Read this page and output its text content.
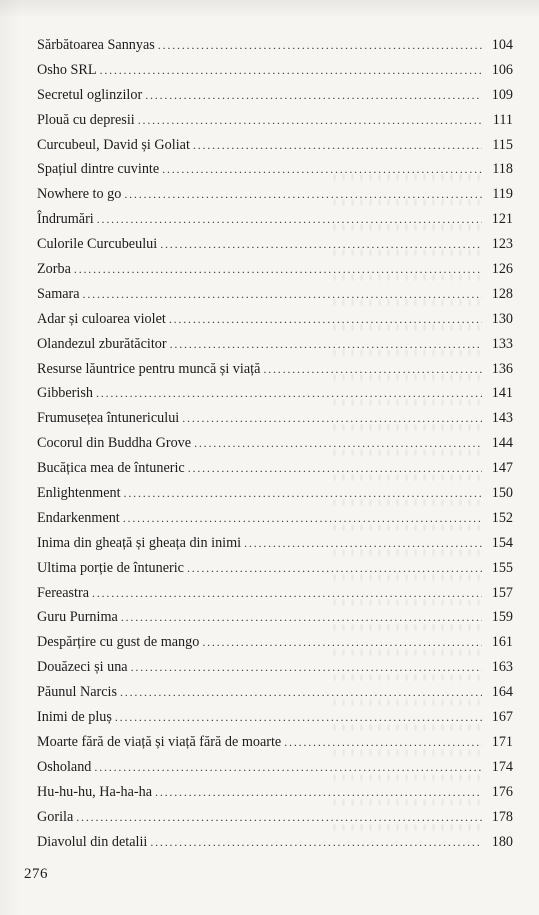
Sărbătoarea Sannyas . . .	104
Osho SRL . . .	106
Secretul oglinzilor . . .	109
Plouă cu depresii . . .	111
Curcubeul, David și Goliat . . .	115
Spațiul dintre cuvinte . . .	118
Nowhere to go . . .	119
Îndrumări . . .	121
Culorile Curcubeului . . .	123
Zorba . . .	126
Samara . . .	128
Adar și culoarea violet . . .	130
Olandezul zburătăcitor . . .	133
Resurse lăuntrice pentru muncă și viață . . .	136
Gibberish . . .	141
Frumusețea întunericului . . .	143
Cocorul din Buddha Grove . . .	144
Bucățica mea de întuneric . . .	147
Enlightenment . . .	150
Endarkenment . . .	152
Inima din gheață și gheața din inimi . . .	154
Ultima porție de întuneric . . .	155
Fereastra . . .	157
Guru Purnima . . .	159
Despărțire cu gust de mango . . .	161
Douăzeci și una . . .	163
Păunul Narcis . . .	164
Inimi de pluș . . .	167
Moarte fără de viață și viață fără de moarte . . .	171
Osholand . . .	174
Hu-hu-hu, Ha-ha-ha . . .	176
Gorila . . .	178
Diavolul din detalii . . .	180
276
